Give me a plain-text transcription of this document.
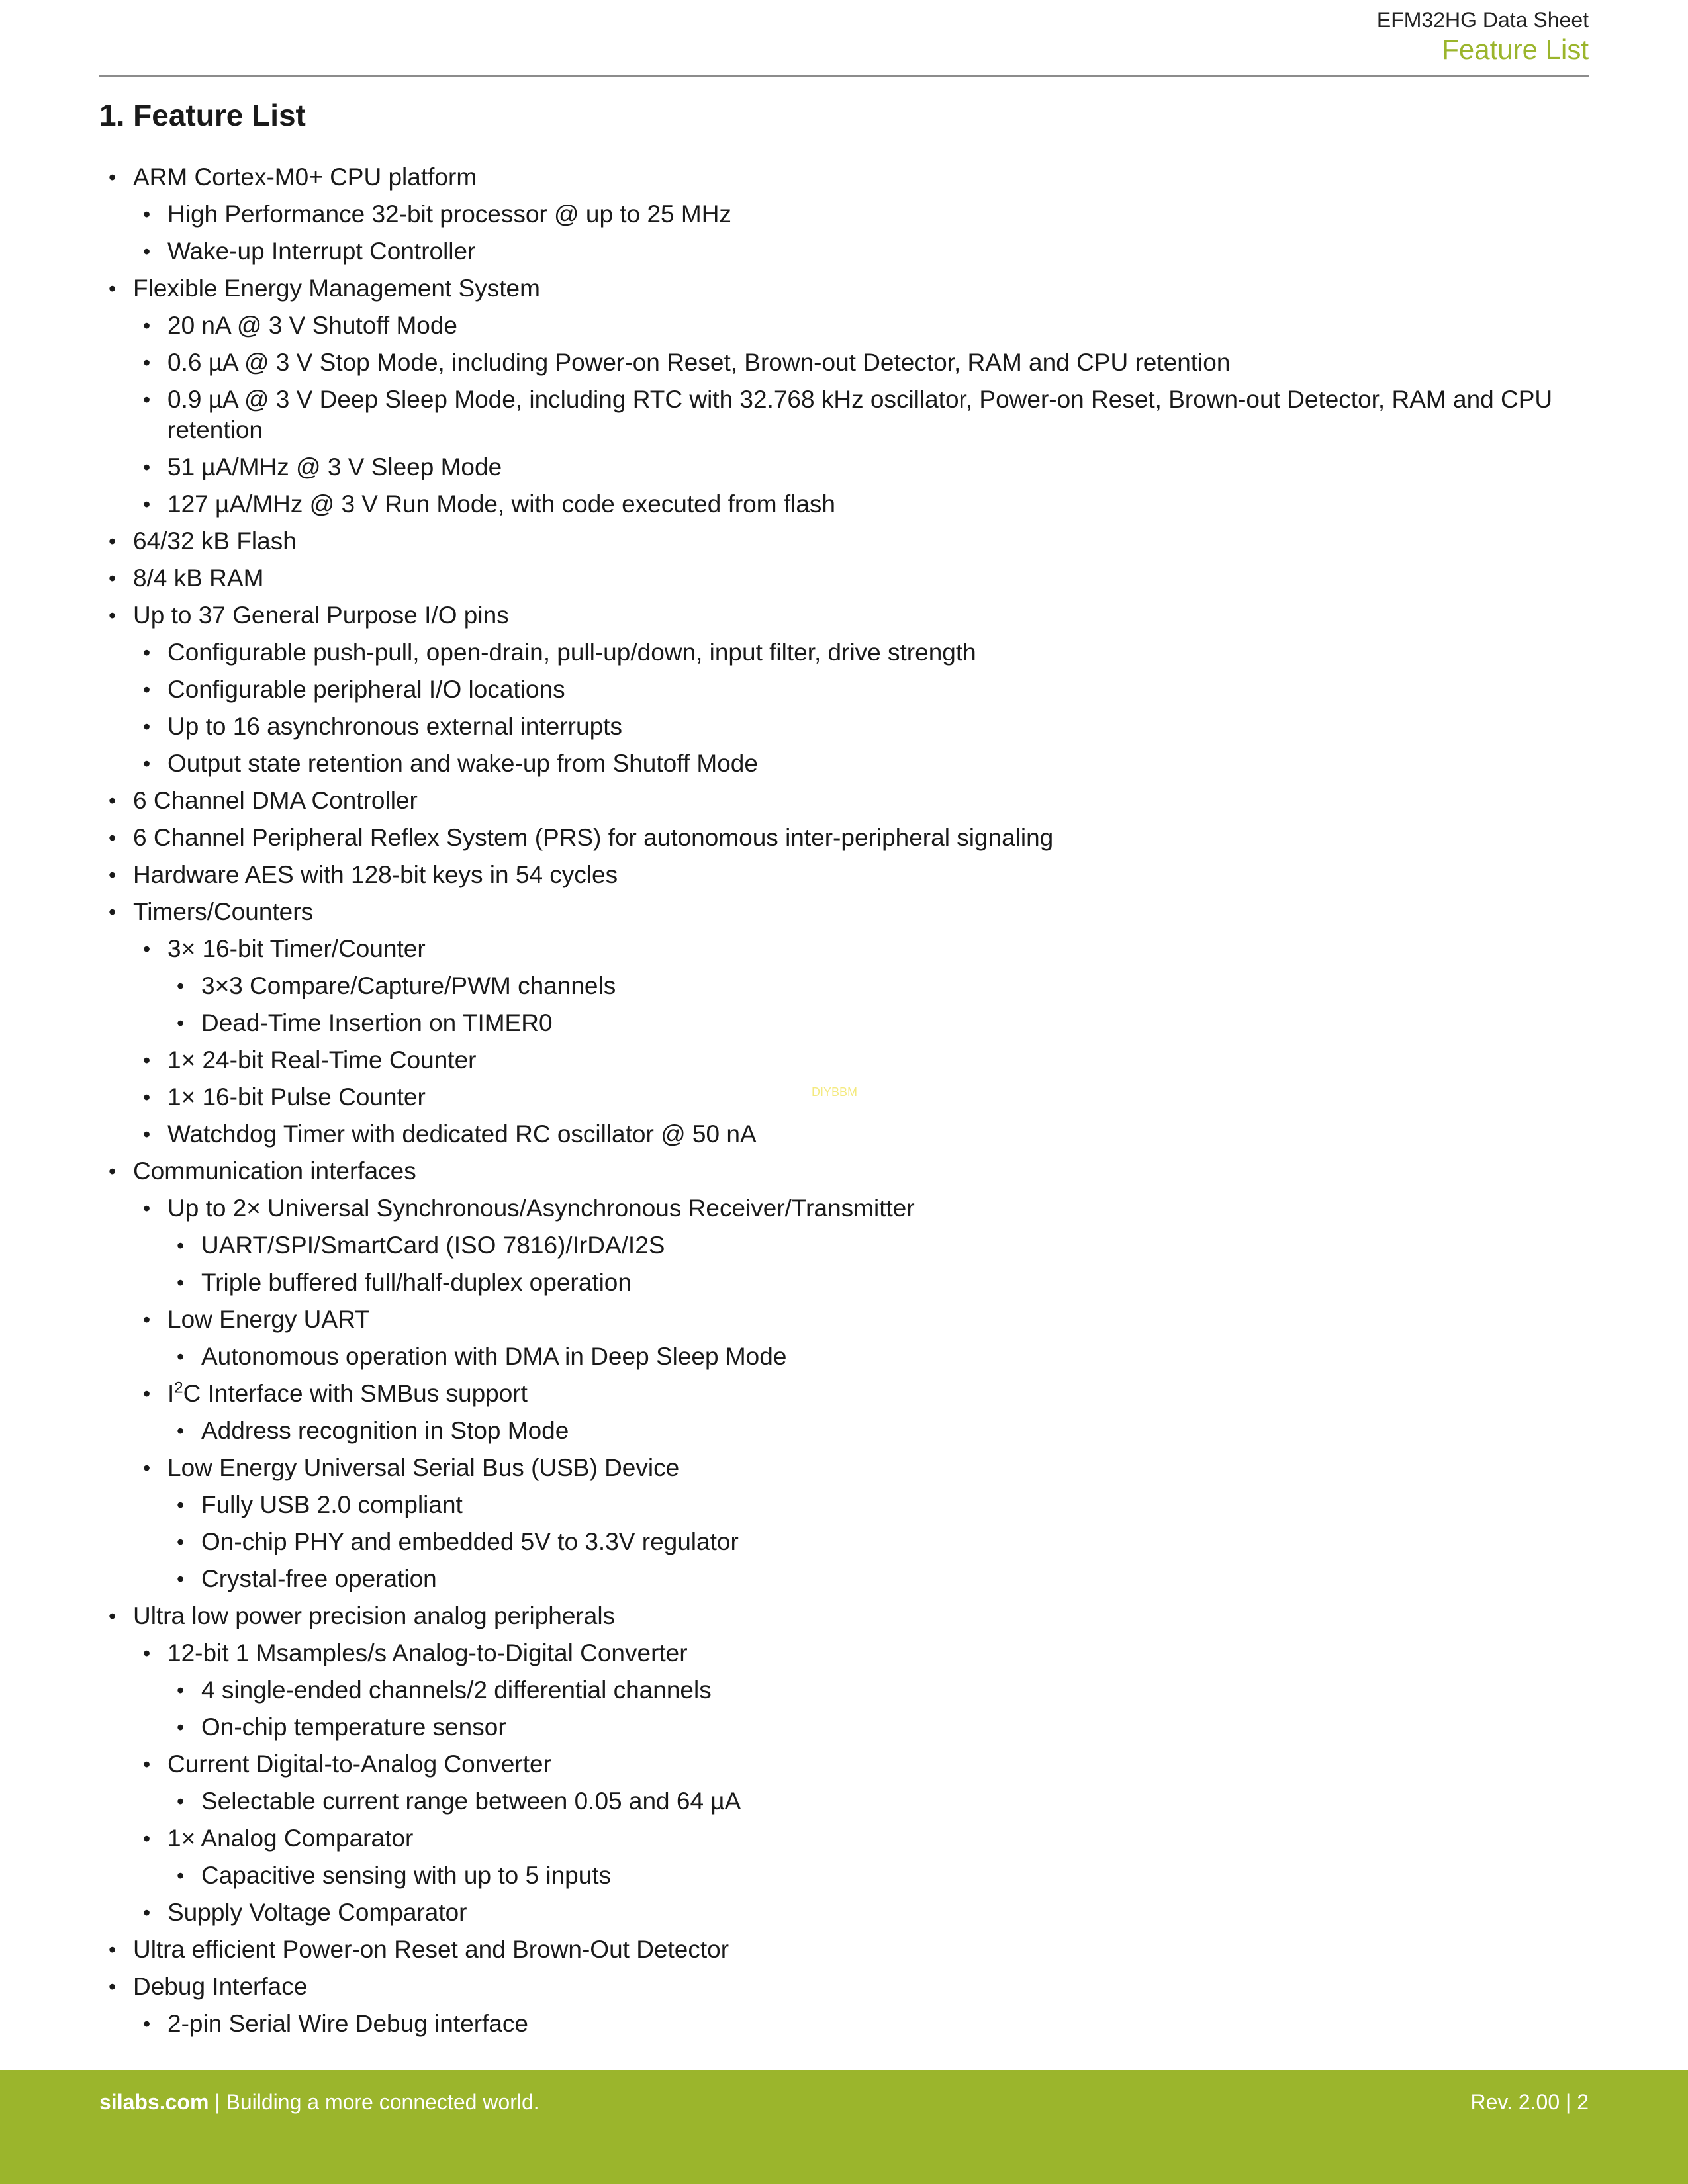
EFM32HG Data Sheet
Feature List
1. Feature List
• ARM Cortex-M0+ CPU platform
• High Performance 32-bit processor @ up to 25 MHz
• Wake-up Interrupt Controller
• Flexible Energy Management System
• 20 nA @ 3 V Shutoff Mode
• 0.6 µA @ 3 V Stop Mode, including Power-on Reset, Brown-out Detector, RAM and CPU retention
• 0.9 µA @ 3 V Deep Sleep Mode, including RTC with 32.768 kHz oscillator, Power-on Reset, Brown-out Detector, RAM and CPU retention
• 51 µA/MHz @ 3 V Sleep Mode
• 127 µA/MHz @ 3 V Run Mode, with code executed from flash
• 64/32 kB Flash
• 8/4 kB RAM
• Up to 37 General Purpose I/O pins
• Configurable push-pull, open-drain, pull-up/down, input filter, drive strength
• Configurable peripheral I/O locations
• Up to 16 asynchronous external interrupts
• Output state retention and wake-up from Shutoff Mode
• 6 Channel DMA Controller
• 6 Channel Peripheral Reflex System (PRS) for autonomous inter-peripheral signaling
• Hardware AES with 128-bit keys in 54 cycles
• Timers/Counters
• 3× 16-bit Timer/Counter
• 3×3 Compare/Capture/PWM channels
• Dead-Time Insertion on TIMER0
• 1× 24-bit Real-Time Counter
• 1× 16-bit Pulse Counter
• Watchdog Timer with dedicated RC oscillator @ 50 nA
• Communication interfaces
• Up to 2× Universal Synchronous/Asynchronous Receiver/Transmitter
• UART/SPI/SmartCard (ISO 7816)/IrDA/I2S
• Triple buffered full/half-duplex operation
• Low Energy UART
• Autonomous operation with DMA in Deep Sleep Mode
• $I^2C$ Interface with SMBus support
• Address recognition in Stop Mode
• Low Energy Universal Serial Bus (USB) Device
• Fully USB 2.0 compliant
• On-chip PHY and embedded 5V to 3.3V regulator
• Crystal-free operation
• Ultra low power precision analog peripherals
• 12-bit 1 Msamples/s Analog-to-Digital Converter
• 4 single-ended channels/2 differential channels
• On-chip temperature sensor
• Current Digital-to-Analog Converter
• Selectable current range between 0.05 and 64 µA
• 1× Analog Comparator
• Capacitive sensing with up to 5 inputs
• Supply Voltage Comparator
• Ultra efficient Power-on Reset and Brown-Out Detector
• Debug Interface
• 2-pin Serial Wire Debug interface
DIYBBM
silabs.com | Building a more connected world.	Rev. 2.00 | 2
